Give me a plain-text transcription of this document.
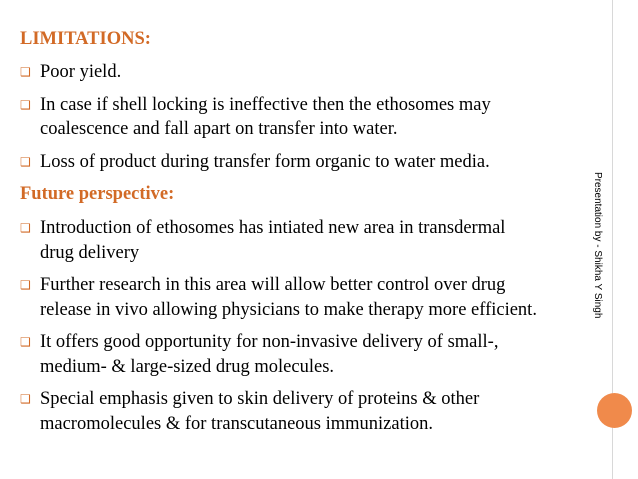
LIMITATIONS:
❑ Poor yield.
❑ In case if shell locking is ineffective then the ethosomes may
coalescence and fall apart on transfer into water.
❑ Loss of product during transfer form organic to water media.
Future perspective:
❑ Introduction of ethosomes has intiated new area in transdermal
drug delivery
❑ Further research in this area will allow better control over drug
release in vivo allowing physicians to make therapy more efficient.
❑ It offers good opportunity for non-invasive delivery of small-,
medium- & large-sized drug molecules.
❑ Special emphasis given to skin delivery of proteins & other
macromolecules & for transcutaneous immunization.
Presentation by - Shikha Y Singh
